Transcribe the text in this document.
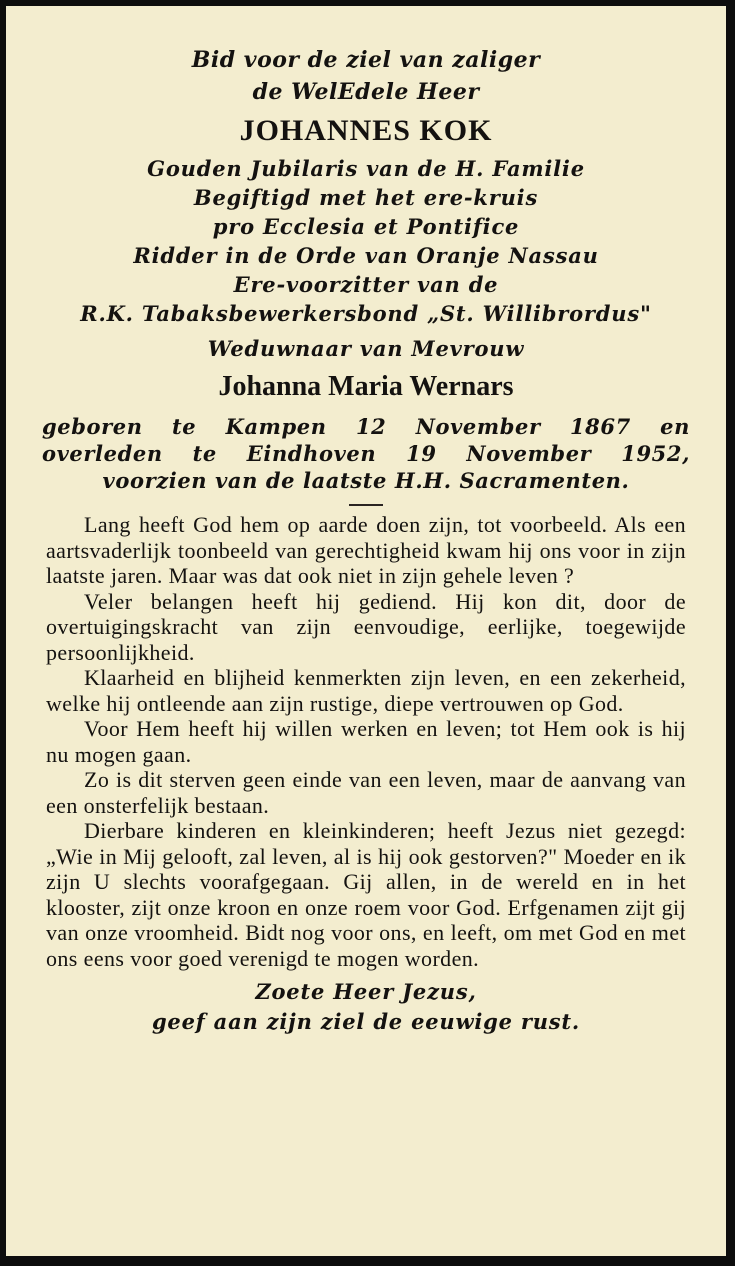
Bid voor de ziel van zaliger
de WelEdele Heer
JOHANNES KOK
Gouden Jubilaris van de H. Familie
Begiftigd met het ere-kruis
pro Ecclesia et Pontifice
Ridder in de Orde van Oranje Nassau
Ere-voorzitter van de
R.K. Tabaksbewerkersbond „St. Willibrordus"
Weduwnaar van Mevrouw
Johanna Maria Wernars
geboren te Kampen 12 November 1867 en
overleden te Eindhoven 19 November 1952,
voorzien van de laatste H.H. Sacramenten.

Lang heeft God hem op aarde doen zijn, tot voorbeeld. Als een aartsvaderlijk toonbeeld van gerechtigheid kwam hij ons voor in zijn laatste jaren. Maar was dat ook niet in zijn gehele leven ?

Veler belangen heeft hij gediend. Hij kon dit, door de overtuigingskracht van zijn eenvoudige, eerlijke, toegewijde persoonlijkheid.

Klaarheid en blijheid kenmerkten zijn leven, en een zekerheid, welke hij ontleende aan zijn rustige, diepe vertrouwen op God.

Voor Hem heeft hij willen werken en leven; tot Hem ook is hij nu mogen gaan.

Zo is dit sterven geen einde van een leven, maar de aanvang van een onsterfelijk bestaan.

Dierbare kinderen en kleinkinderen; heeft Jezus niet gezegd: „Wie in Mij gelooft, zal leven, al is hij ook gestorven?" Moeder en ik zijn U slechts voorafgegaan. Gij allen, in de wereld en in het klooster, zijt onze kroon en onze roem voor God. Erfgenamen zijt gij van onze vroomheid. Bidt nog voor ons, en leeft, om met God en met ons eens voor goed verenigd te mogen worden.

Zoete Heer Jezus,
geef aan zijn ziel de eeuwige rust.
